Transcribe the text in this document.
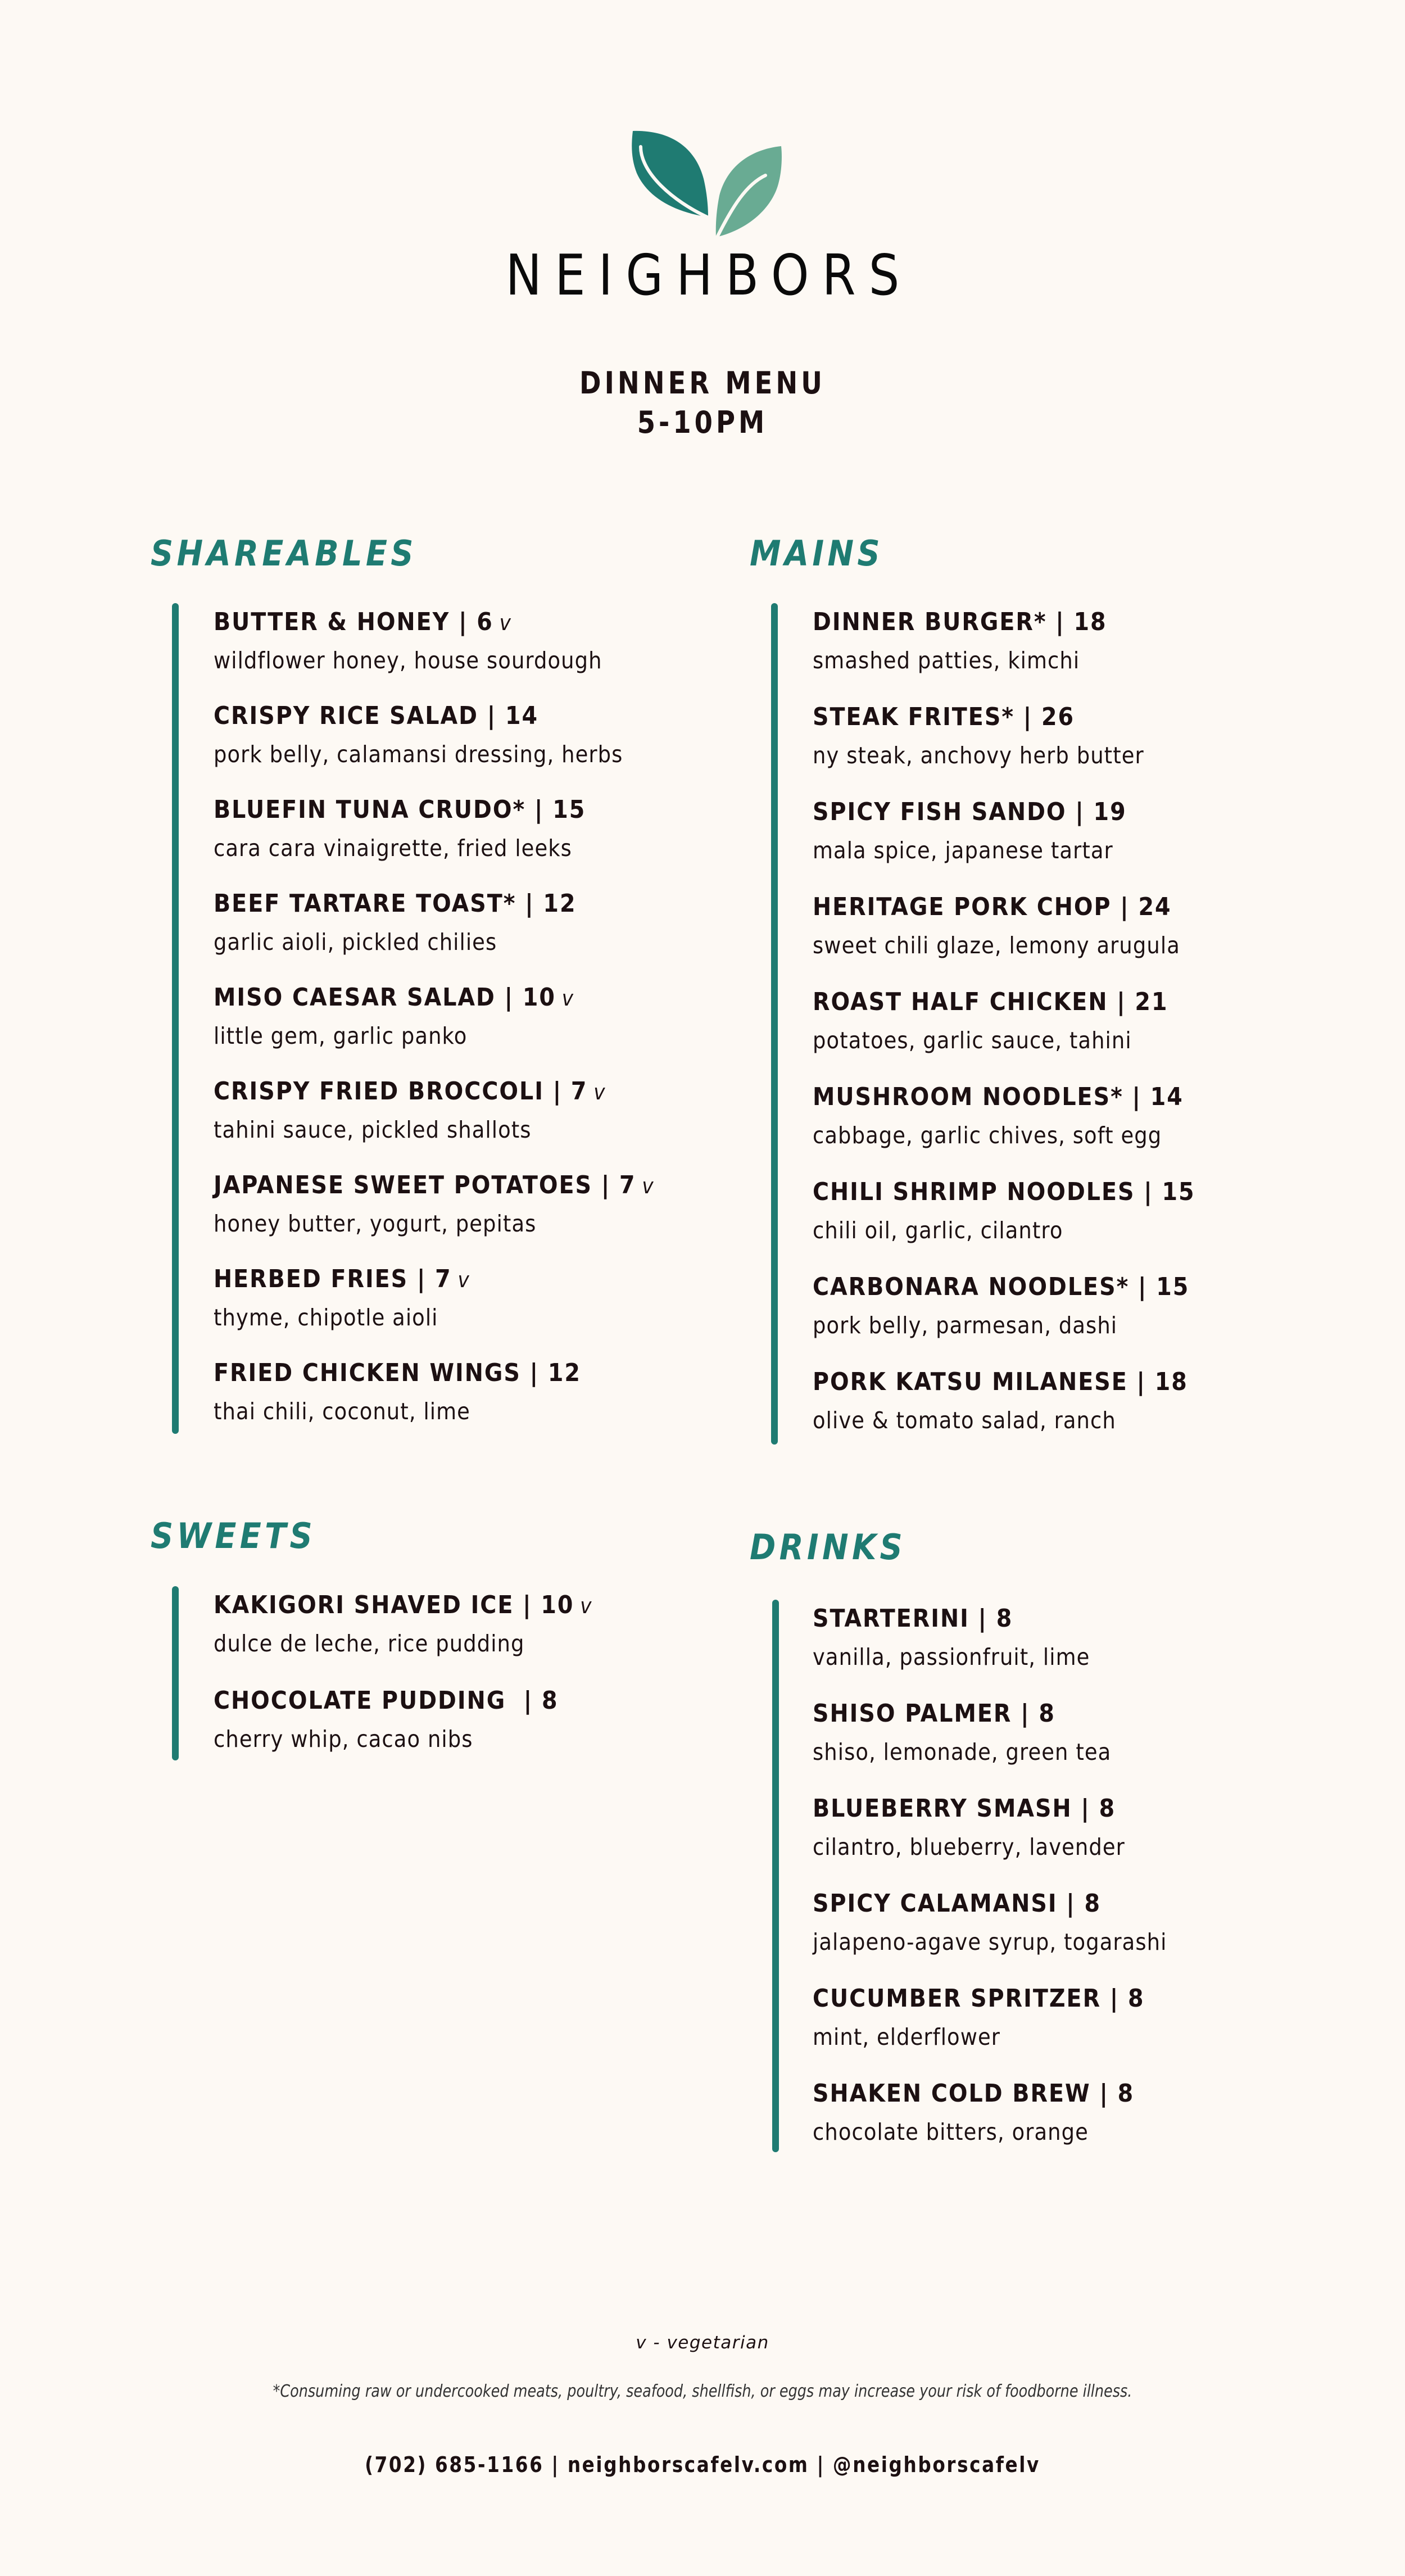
NEIGHBORS
DINNER MENU
5-10PM
SHAREABLES
BUTTER & HONEY | 6 v
wildflower honey, house sourdough
CRISPY RICE SALAD | 14
pork belly, calamansi dressing, herbs
BLUEFIN TUNA CRUDO* | 15
cara cara vinaigrette, fried leeks
BEEF TARTARE TOAST* | 12
garlic aioli, pickled chilies
MISO CAESAR SALAD | 10 v
little gem, garlic panko
CRISPY FRIED BROCCOLI | 7 v
tahini sauce, pickled shallots
JAPANESE SWEET POTATOES | 7 v
honey butter, yogurt, pepitas
HERBED FRIES | 7 v
thyme, chipotle aioli
FRIED CHICKEN WINGS | 12
thai chili, coconut, lime
MAINS
DINNER BURGER* | 18
smashed patties, kimchi
STEAK FRITES* | 26
ny steak, anchovy herb butter
SPICY FISH SANDO | 19
mala spice, japanese tartar
HERITAGE PORK CHOP | 24
sweet chili glaze, lemony arugula
ROAST HALF CHICKEN | 21
potatoes, garlic sauce, tahini
MUSHROOM NOODLES* | 14
cabbage, garlic chives, soft egg
CHILI SHRIMP NOODLES | 15
chili oil, garlic, cilantro
CARBONARA NOODLES* | 15
pork belly, parmesan, dashi
PORK KATSU MILANESE | 18
olive & tomato salad, ranch
SWEETS
KAKIGORI SHAVED ICE | 10 v
dulce de leche, rice pudding
CHOCOLATE PUDDING  | 8
cherry whip, cacao nibs
DRINKS
STARTERINI | 8
vanilla, passionfruit, lime
SHISO PALMER | 8
shiso, lemonade, green tea
BLUEBERRY SMASH | 8
cilantro, blueberry, lavender
SPICY CALAMANSI | 8
jalapeno-agave syrup, togarashi
CUCUMBER SPRITZER | 8
mint, elderflower
SHAKEN COLD BREW | 8
chocolate bitters, orange
v - vegetarian
*Consuming raw or undercooked meats, poultry, seafood, shellfish, or eggs may increase your risk of foodborne illness.
(702) 685-1166 | neighborscafelv.com | @neighborscafelv
